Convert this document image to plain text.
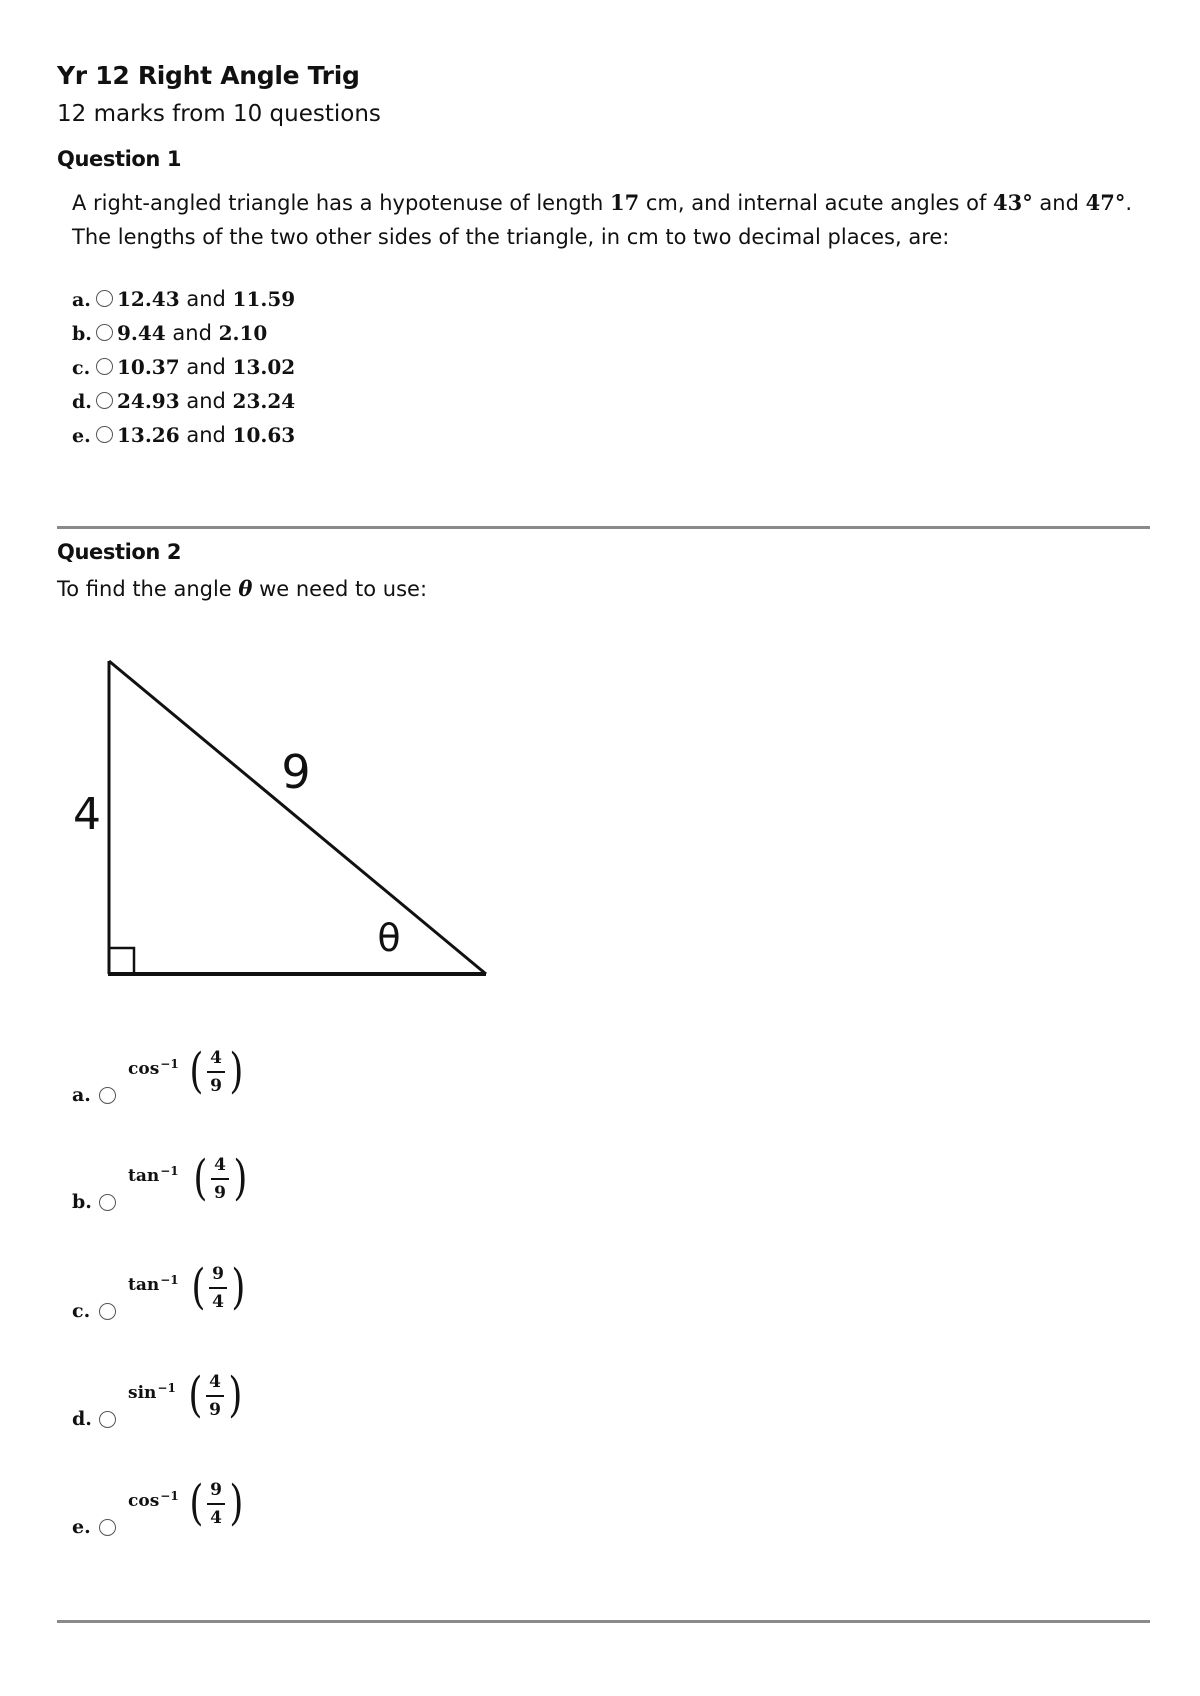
Yr 12 Right Angle Trig
12 marks from 10 questions
Question 1
A right-angled triangle has a hypotenuse of length 17 cm, and internal acute angles of 43° and 47°.
The lengths of the two other sides of the triangle, in cm to two decimal places, are:
a. 12.43 and 11.59
b. 9.44 and 2.10
c. 10.37 and 13.02
d. 24.93 and 23.24
e. 13.26 and 10.63
Question 2
To find the angle θ we need to use:
4
9
θ
a.
$\cos^{-1}$ ( 4
9 )
b.
$\tan^{-1}$ ( 4
9 )
c.
$\tan^{-1}$ ( 9
4 )
d.
$\sin^{-1}$ ( 4
9 )
e.
$\cos^{-1}$ ( 9
4 )
